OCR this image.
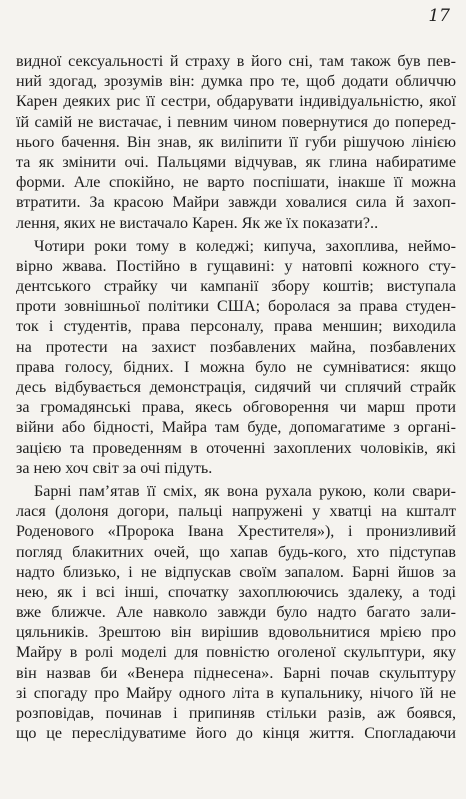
17
видної сексуальності й страху в його сні, там також був пев-
ний здогад, зрозумів він: думка про те, щоб додати обличчю
Карен деяких рис її сестри, обдарувати індивідуальністю, якої
їй самій не вистачає, і певним чином повернутися до поперед-
нього бачення. Він знав, як виліпити її губи рішучою лінією
та як змінити очі. Пальцями відчував, як глина набиратиме
форми. Але спокійно, не варто поспішати, інакше її можна
втратити. За красою Майри завжди ховалися сила й захоп-
лення, яких не вистачало Карен. Як же їх показати?..
Чотири роки тому в коледжі; кипуча, захоплива, неймо-
вірно жвава. Постійно в гущавині: у натовпі кожного сту-
дентського страйку чи кампанії збору коштів; виступала
проти зовнішньої політики США; боролася за права студен-
ток і студентів, права персоналу, права меншин; виходила
на протести на захист позбавлених майна, позбавлених
права голосу, бідних. І можна було не сумніватися: якщо
десь відбувається демонстрація, сидячий чи сплячий страйк
за громадянські права, якесь обговорення чи марш проти
війни або бідності, Майра там буде, допомагатиме з органі-
зацією та проведенням в оточенні захоплених чоловіків, які
за нею хоч світ за очі підуть.
Барні пам’ятав її сміх, як вона рухала рукою, коли свари-
лася (долоня догори, пальці напружені у хватці на кшталт
Роденового «Пророка Івана Хрестителя»), і пронизливий
погляд блакитних очей, що хапав будь-кого, хто підступав
надто близько, і не відпускав своїм запалом. Барні йшов за
нею, як і всі інші, спочатку захоплюючись здалеку, а тоді
вже ближче. Але навколо завжди було надто багато зали-
цяльників. Зрештою він вирішив вдовольнитися мрією про
Майру в ролі моделі для повністю оголеної скульптури, яку
він назвав би «Венера піднесена». Барні почав скульптуру
зі спогаду про Майру одного літа в купальнику, нічого їй не
розповідав, починав і припиняв стільки разів, аж боявся,
що це переслідуватиме його до кінця життя. Спогладаючи
